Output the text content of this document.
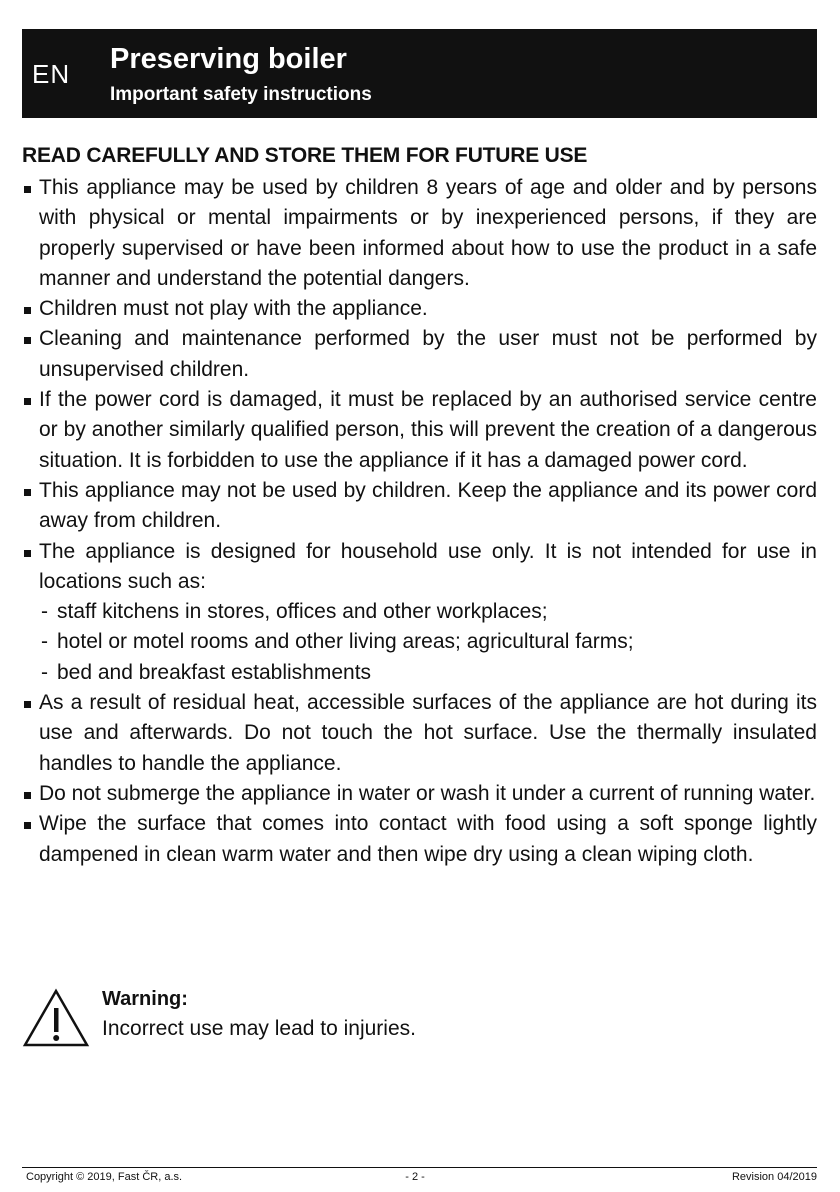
EN Preserving boiler
Important safety instructions
READ CAREFULLY AND STORE THEM FOR FUTURE USE
This appliance may be used by children 8 years of age and older and by persons with physical or mental impairments or by inexperienced persons, if they are properly supervised or have been informed about how to use the product in a safe manner and understand the potential dangers.
Children must not play with the appliance.
Cleaning and maintenance performed by the user must not be performed by unsupervised children.
If the power cord is damaged, it must be replaced by an authorised service centre or by another similarly qualified person, this will prevent the creation of a dangerous situation. It is forbidden to use the appliance if it has a damaged power cord.
This appliance may not be used by children. Keep the appliance and its power cord away from children.
The appliance is designed for household use only. It is not intended for use in locations such as:
- staff kitchens in stores, offices and other workplaces;
- hotel or motel rooms and other living areas; agricultural farms;
- bed and breakfast establishments
As a result of residual heat, accessible surfaces of the appliance are hot during its use and afterwards. Do not touch the hot surface. Use the thermally insulated handles to handle the appliance.
Do not submerge the appliance in water or wash it under a current of running water.
Wipe the surface that comes into contact with food using a soft sponge lightly dampened in clean warm water and then wipe dry using a clean wiping cloth.
Warning:
Incorrect use may lead to injuries.
Copyright © 2019, Fast ČR, a.s.	- 2 -	Revision 04/2019
